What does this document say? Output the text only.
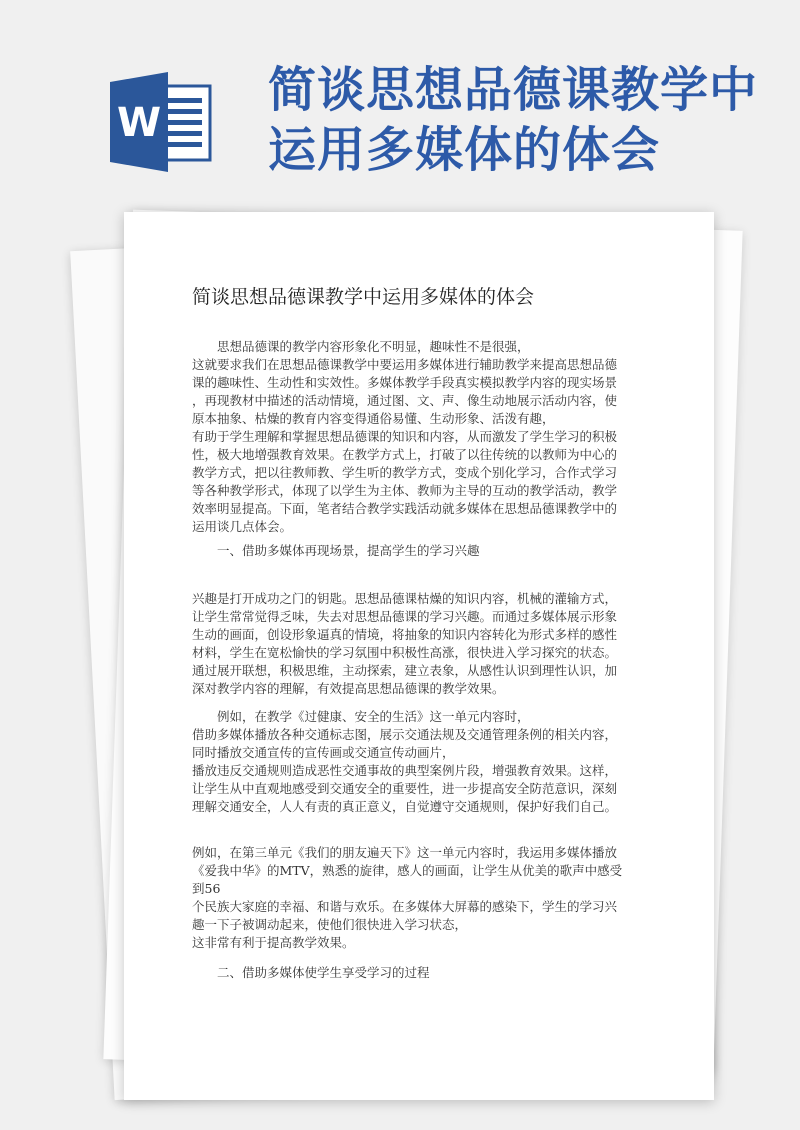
W
简谈思想品德课教学中
运用多媒体的体会
简谈思想品德课教学中运用多媒体的体会

　　思想品德课的教学内容形象化不明显，趣味性不是很强，

这就要求我们在思想品德课教学中要运用多媒体进行辅助教学来提高思想品德

课的趣味性、生动性和实效性。多媒体教学手段真实模拟教学内容的现实场景

，再现教材中描述的活动情境，通过图、文、声、像生动地展示活动内容，使

原本抽象、枯燥的教育内容变得通俗易懂、生动形象、活泼有趣，

有助于学生理解和掌握思想品德课的知识和内容，从而激发了学生学习的积极

性，极大地增强教育效果。在教学方式上，打破了以往传统的以教师为中心的

教学方式，把以往教师教、学生听的教学方式，变成个别化学习，合作式学习

等各种教学形式，体现了以学生为主体、教师为主导的互动的教学活动，教学

效率明显提高。下面，笔者结合教学实践活动就多媒体在思想品德课教学中的

运用谈几点体会。

　　一、借助多媒体再现场景，提高学生的学习兴趣

兴趣是打开成功之门的钥匙。思想品德课枯燥的知识内容，机械的灌输方式，

让学生常常觉得乏味，失去对思想品德课的学习兴趣。而通过多媒体展示形象

生动的画面，创设形象逼真的情境，将抽象的知识内容转化为形式多样的感性

材料，学生在宽松愉快的学习氛围中积极性高涨，很快进入学习探究的状态。

通过展开联想，积极思维，主动探索，建立表象，从感性认识到理性认识，加

深对教学内容的理解，有效提高思想品德课的教学效果。

　　例如，在教学《过健康、安全的生活》这一单元内容时，

借助多媒体播放各种交通标志图，展示交通法规及交通管理条例的相关内容，

同时播放交通宣传的宣传画或交通宣传动画片，

播放违反交通规则造成恶性交通事故的典型案例片段，增强教育效果。这样，

让学生从中直观地感受到交通安全的重要性，进一步提高安全防范意识，深刻

理解交通安全，人人有责的真正意义，自觉遵守交通规则，保护好我们自己。

例如，在第三单元《我们的朋友遍天下》这一单元内容时，我运用多媒体播放

《爱我中华》的MTV，熟悉的旋律，感人的画面，让学生从优美的歌声中感受

到56

个民族大家庭的幸福、和谐与欢乐。在多媒体大屏幕的感染下，学生的学习兴

趣一下子被调动起来，使他们很快进入学习状态，

这非常有利于提高教学效果。

　　二、借助多媒体使学生享受学习的过程
